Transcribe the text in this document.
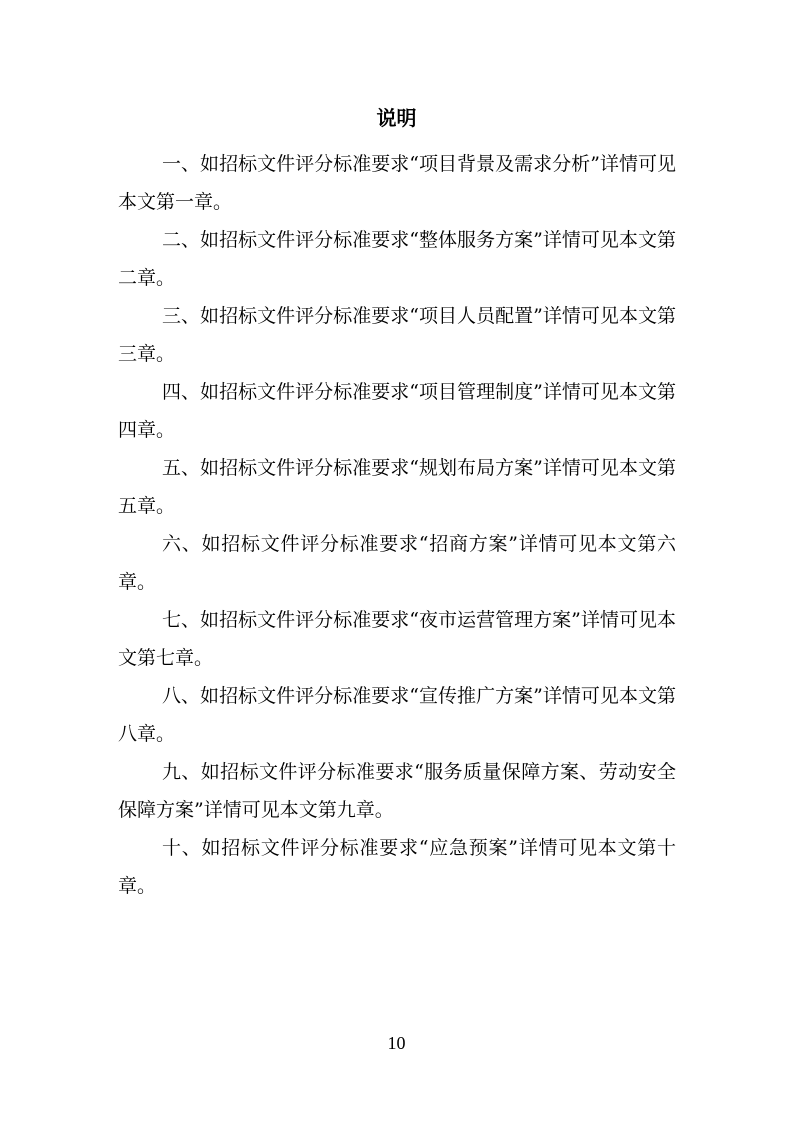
说明

一、如招标文件评分标准要求“项目背景及需求分析”详情可见本文第一章。

二、如招标文件评分标准要求“整体服务方案”详情可见本文第二章。

三、如招标文件评分标准要求“项目人员配置”详情可见本文第三章。

四、如招标文件评分标准要求“项目管理制度”详情可见本文第四章。

五、如招标文件评分标准要求“规划布局方案”详情可见本文第五章。

六、如招标文件评分标准要求“招商方案”详情可见本文第六章。

七、如招标文件评分标准要求“夜市运营管理方案”详情可见本文第七章。

八、如招标文件评分标准要求“宣传推广方案”详情可见本文第八章。

九、如招标文件评分标准要求“服务质量保障方案、劳动安全保障方案”详情可见本文第九章。

十、如招标文件评分标准要求“应急预案”详情可见本文第十章。

10
